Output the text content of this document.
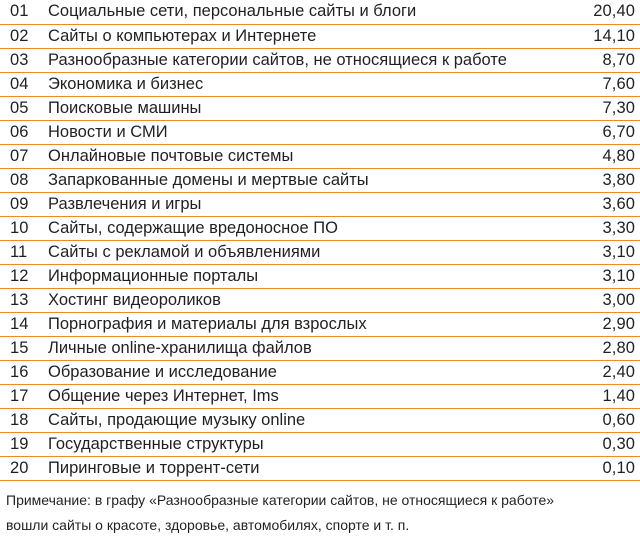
01	Социальные сети, персональные сайты и блоги	20,40
02	Сайты о компьютерах и Интернете	14,10
03	Разнообразные категории сайтов, не относящиеся к работе	8,70
04	Экономика и бизнес	7,60
05	Поисковые машины	7,30
06	Новости и СМИ	6,70
07	Онлайновые почтовые системы	4,80
08	Запаркованные домены и мертвые сайты	3,80
09	Развлечения и игры	3,60
10	Сайты, содержащие вредоносное ПО	3,30
11	Сайты с рекламой и объявлениями	3,10
12	Информационные порталы	3,10
13	Хостинг видеороликов	3,00
14	Порнография и материалы для взрослых	2,90
15	Личные online-хранилища файлов	2,80
16	Образование и исследование	2,40
17	Общение через Интернет, Ims	1,40
18	Сайты, продающие музыку online	0,60
19	Государственные структуры	0,30
20	Пиринговые и торрент-сети	0,10
Примечание: в графу «Разнообразные категории сайтов, не относящиеся к работе»
вошли сайты о красоте, здоровье, автомобилях, спорте и т. п.
